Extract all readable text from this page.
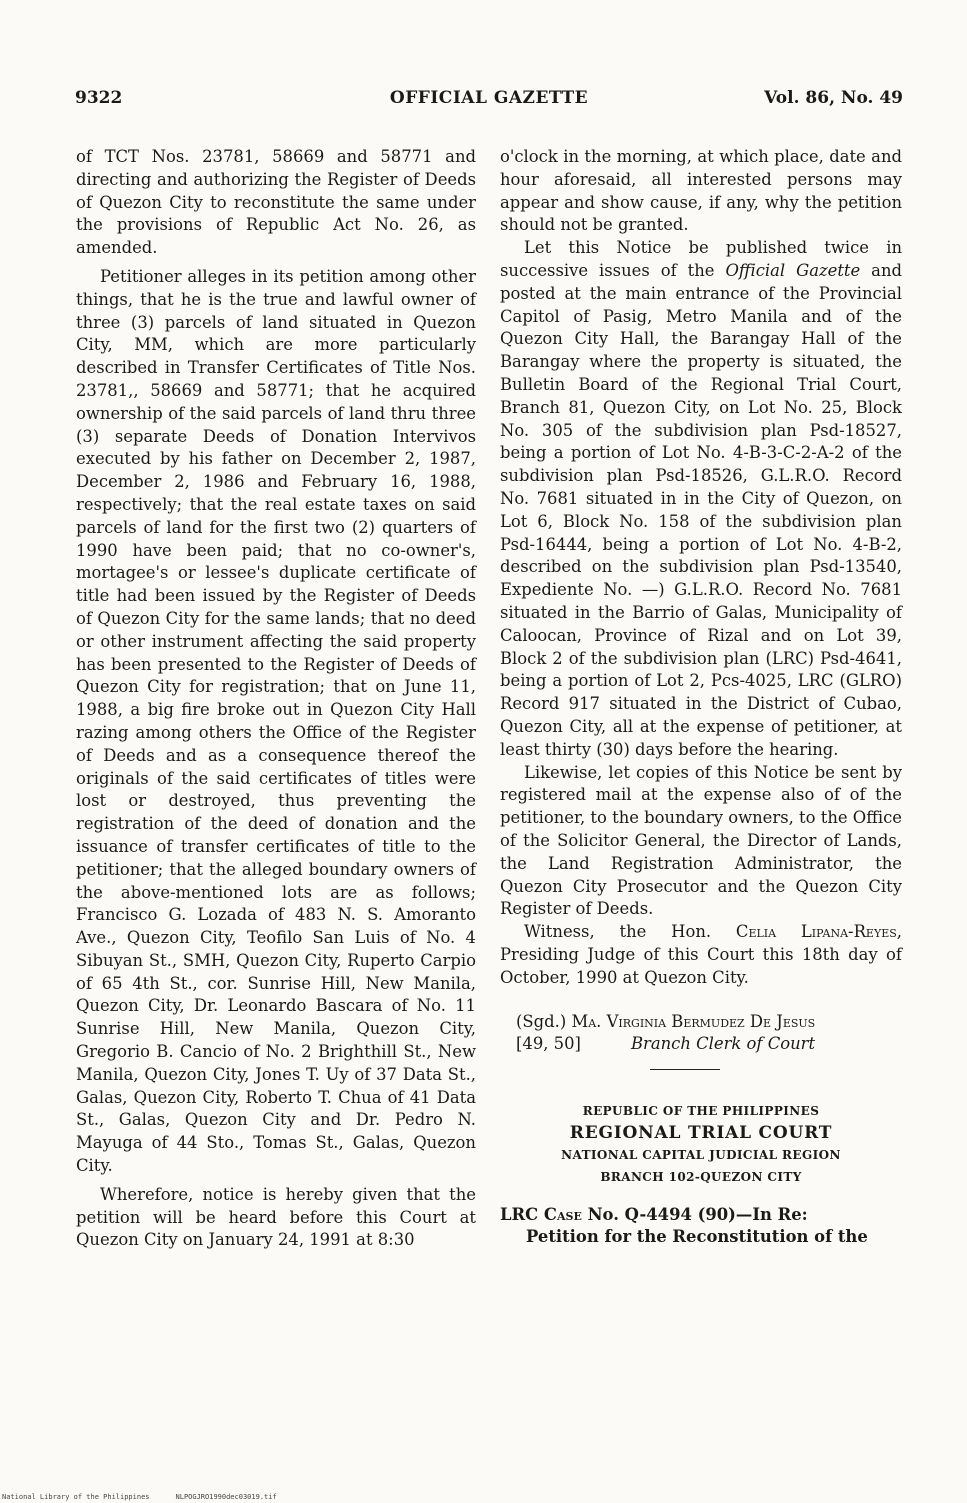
9322	OFFICIAL GAZETTE	Vol. 86, No. 49

of TCT Nos. 23781, 58669 and 58771 and directing and authorizing the Register of Deeds of Quezon City to reconstitute the same under the provisions of Republic Act No. 26, as amended.

Petitioner alleges in its petition among other things, that he is the true and lawful owner of three (3) parcels of land situated in Quezon City, MM, which are more particularly described in Transfer Certificates of Title Nos. 23781,, 58669 and 58771; that he acquired ownership of the said parcels of land thru three (3) separate Deeds of Donation Intervivos executed by his father on December 2, 1987, December 2, 1986 and February 16, 1988, respectively; that the real estate taxes on said parcels of land for the first two (2) quarters of 1990 have been paid; that no co-owner's, mortagee's or lessee's duplicate certificate of title had been issued by the Register of Deeds of Quezon City for the same lands; that no deed or other instrument affecting the said property has been presented to the Register of Deeds of Quezon City for registration; that on June 11, 1988, a big fire broke out in Quezon City Hall razing among others the Office of the Register of Deeds and as a consequence thereof the originals of the said certificates of titles were lost or destroyed, thus preventing the registration of the deed of donation and the issuance of transfer certificates of title to the petitioner; that the alleged boundary owners of the above-mentioned lots are as follows; Francisco G. Lozada of 483 N. S. Amoranto Ave., Quezon City, Teofilo San Luis of No. 4 Sibuyan St., SMH, Quezon City, Ruperto Carpio of 65 4th St., cor. Sunrise Hill, New Manila, Quezon City, Dr. Leonardo Bascara of No. 11 Sunrise Hill, New Manila, Quezon City, Gregorio B. Cancio of No. 2 Brighthill St., New Manila, Quezon City, Jones T. Uy of 37 Data St., Galas, Quezon City, Roberto T. Chua of 41 Data St., Galas, Quezon City and Dr. Pedro N. Mayuga of 44 Sto., Tomas St., Galas, Quezon City.

Wherefore, notice is hereby given that the petition will be heard before this Court at Quezon City on January 24, 1991 at 8:30

o'clock in the morning, at which place, date and hour aforesaid, all interested persons may appear and show cause, if any, why the petition should not be granted.

Let this Notice be published twice in successive issues of the Official Gazette and posted at the main entrance of the Provincial Capitol of Pasig, Metro Manila and of the Quezon City Hall, the Barangay Hall of the Barangay where the property is situated, the Bulletin Board of the Regional Trial Court, Branch 81, Quezon City, on Lot No. 25, Block No. 305 of the subdivision plan Psd-18527, being a portion of Lot No. 4-B-3-C-2-A-2 of the subdivision plan Psd-18526, G.L.R.O. Record No. 7681 situated in in the City of Quezon, on Lot 6, Block No. 158 of the subdivision plan Psd-16444, being a portion of Lot No. 4-B-2, described on the subdivision plan Psd-13540, Expediente No. —) G.L.R.O. Record No. 7681 situated in the Barrio of Galas, Municipality of Caloocan, Province of Rizal and on Lot 39, Block 2 of the subdivision plan (LRC) Psd-4641, being a portion of Lot 2, Pcs-4025, LRC (GLRO) Record 917 situated in the District of Cubao, Quezon City, all at the expense of petitioner, at least thirty (30) days before the hearing.

Likewise, let copies of this Notice be sent by registered mail at the expense also of of the petitioner, to the boundary owners, to the Office of the Solicitor General, the Director of Lands, the Land Registration Administrator, the Quezon City Prosecutor and the Quezon City Register of Deeds.

Witness, the Hon. Celia Lipana-Reyes, Presiding Judge of this Court this 18th day of October, 1990 at Quezon City.

(Sgd.) Ma. Virginia Bermudez De Jesus
[49, 50]	Branch Clerk of Court
REPUBLIC OF THE PHILIPPINES
REGIONAL TRIAL COURT
NATIONAL CAPITAL JUDICIAL REGION
BRANCH 102-QUEZON CITY
LRC Case No. Q-4494 (90)—In Re:
Petition for the Reconstitution of the
National Library of the Philippines	NLPOGJRO1990dec03019.tif
